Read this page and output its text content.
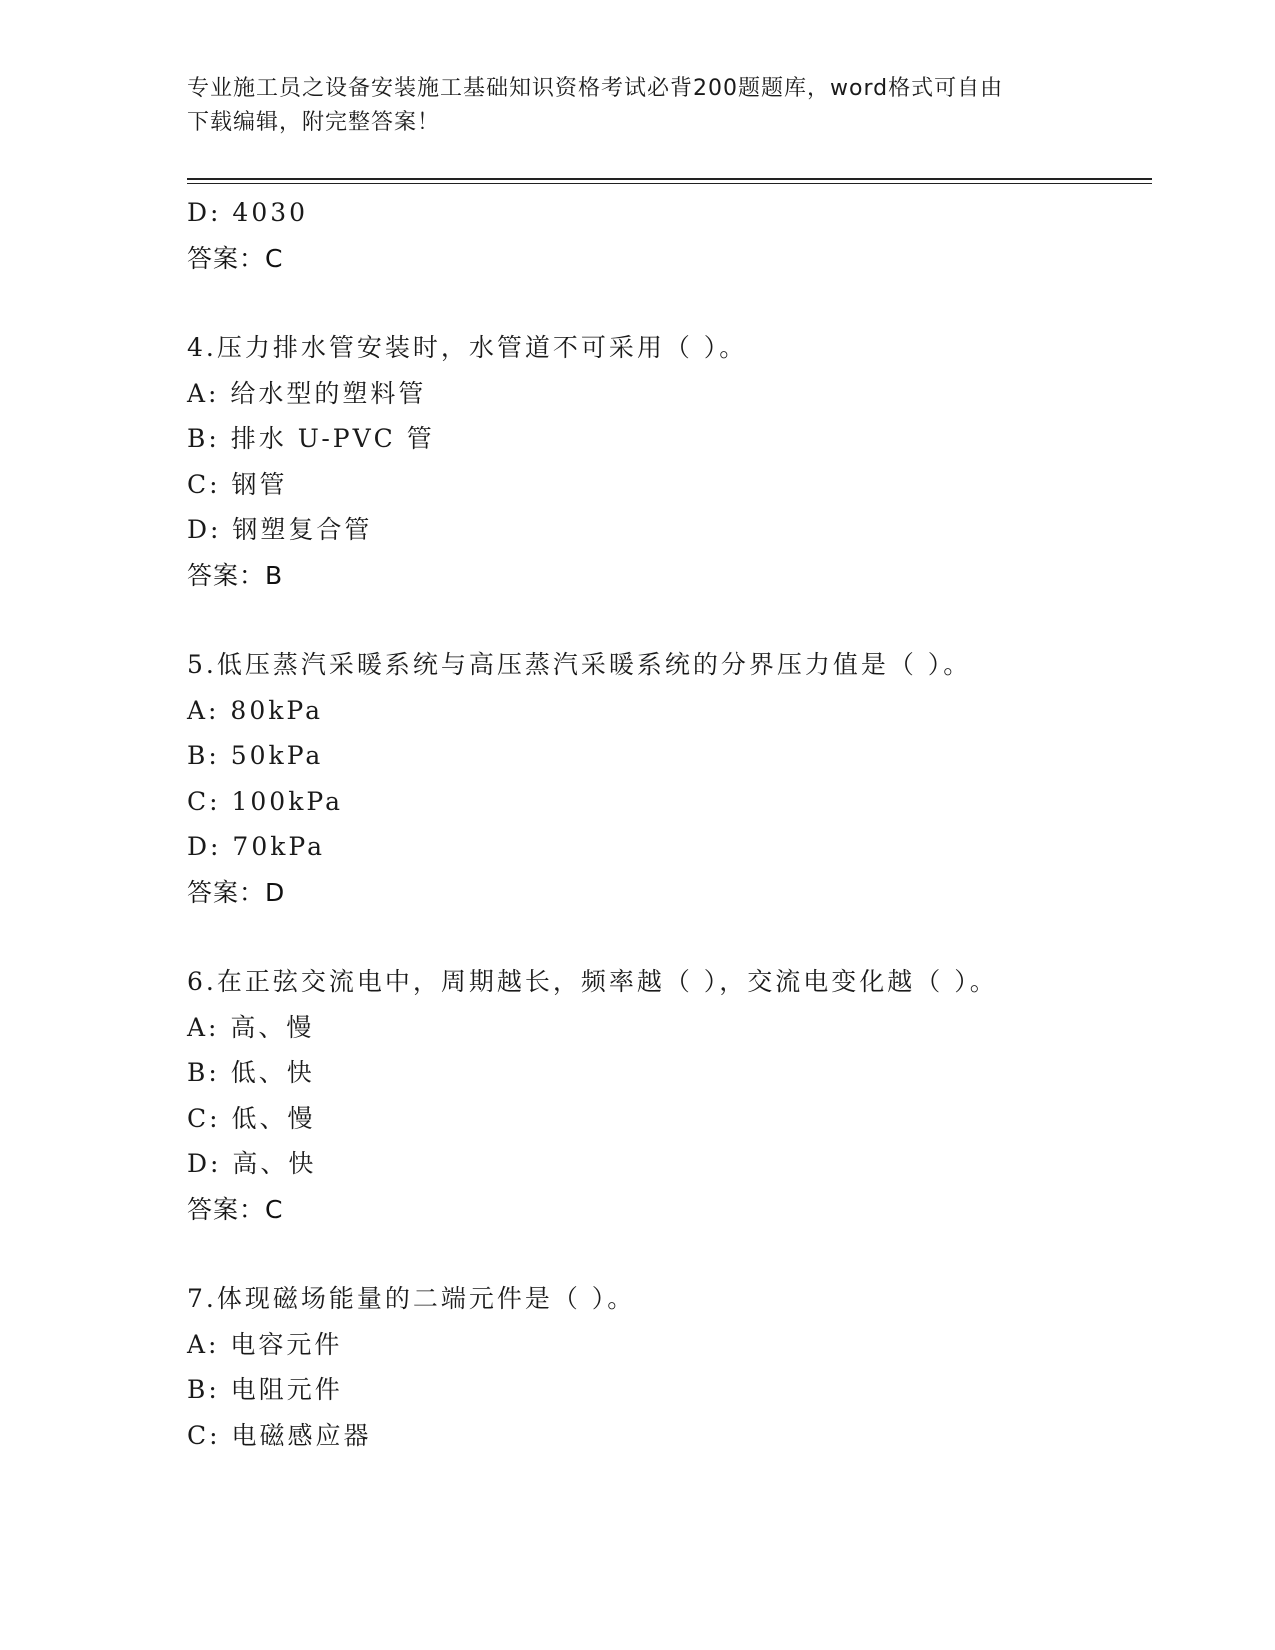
专业施工员之设备安装施工基础知识资格考试必背200题题库，word格式可自由
下载编辑，附完整答案！
D: 4030
答案：C
4.压力排水管安装时，水管道不可采用（ ）。
A: 给水型的塑料管
B: 排水 U-PVC 管
C: 钢管
D: 钢塑复合管
答案：B
5.低压蒸汽采暖系统与高压蒸汽采暖系统的分界压力值是（ ）。
A: 80kPa
B: 50kPa
C: 100kPa
D: 70kPa
答案：D
6.在正弦交流电中，周期越长，频率越（ ），交流电变化越（ ）。
A: 高、慢
B: 低、快
C: 低、慢
D: 高、快
答案：C
7.体现磁场能量的二端元件是（ ）。
A: 电容元件
B: 电阻元件
C: 电磁感应器
